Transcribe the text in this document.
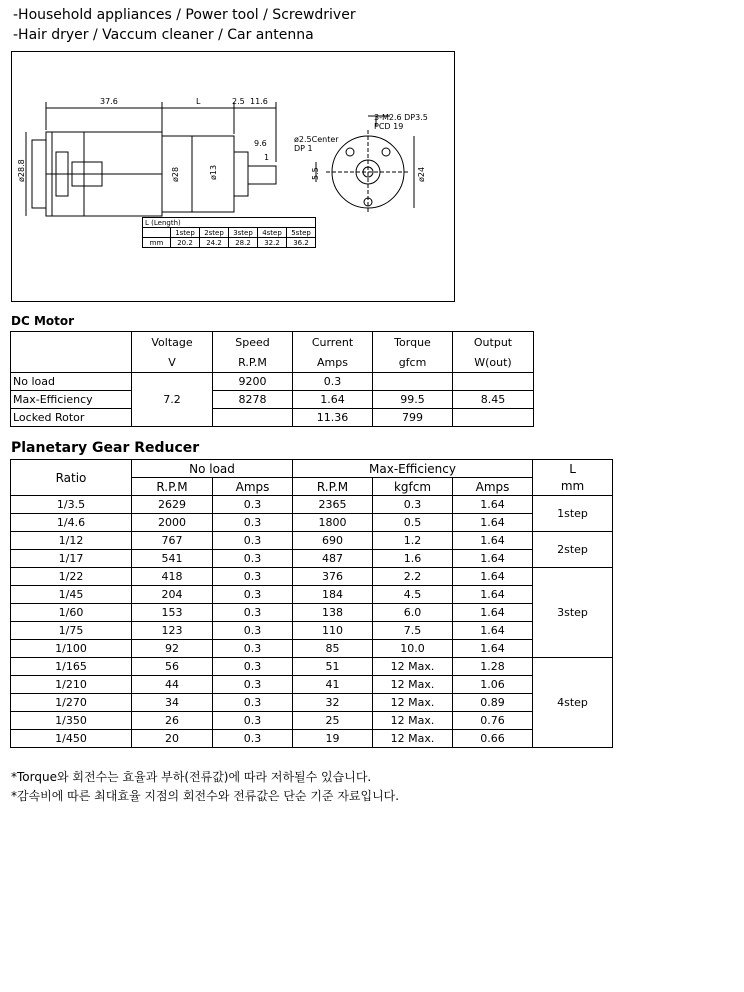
-Household appliances / Power tool / Screwdriver
-Hair dryer / Vaccum cleaner / Car antenna
37.6	L	2.5 11.6
ø28.8	ø28	ø13
9.6	ø2.5Center
DP 1
1
3-M2.6 DP3.5
PCD 19
5.5	ø24
L (Length)					
	1step	2step	3step	4step	5step
mm	20.2	24.2	28.2	32.2	36.2
DC Motor
	Voltage	Speed	Current	Torque	Output
	V	R.P.M	Amps	gfcm	W(out)
No load	7.2	9200	0.3		
Max-Efficiency		8278	1.64	99.5	8.45
Locked Rotor			11.36	799	
Planetary Gear Reducer
Ratio	No load		Max-Efficiency			L
	R.P.M	Amps	R.P.M	kgfcm	Amps	mm
1/3.5	2629	0.3	2365	0.3	1.64	1step
1/4.6	2000	0.3	1800	0.5	1.64	
1/12	767	0.3	690	1.2	1.64	2step
1/17	541	0.3	487	1.6	1.64	
1/22	418	0.3	376	2.2	1.64	3step
1/45	204	0.3	184	4.5	1.64	
1/60	153	0.3	138	6.0	1.64	
1/75	123	0.3	110	7.5	1.64	
1/100	92	0.3	85	10.0	1.64	
1/165	56	0.3	51	12 Max.	1.28	4step
1/210	44	0.3	41	12 Max.	1.06	
1/270	34	0.3	32	12 Max.	0.89	
1/350	26	0.3	25	12 Max.	0.76	
1/450	20	0.3	19	12 Max.	0.66	
*Torque와 회전수는 효율과 부하(전류값)에 따라 저하될수 있습니다.
*감속비에 따른 최대효율 지점의 회전수와 전류값은 단순 기준 자료입니다.
